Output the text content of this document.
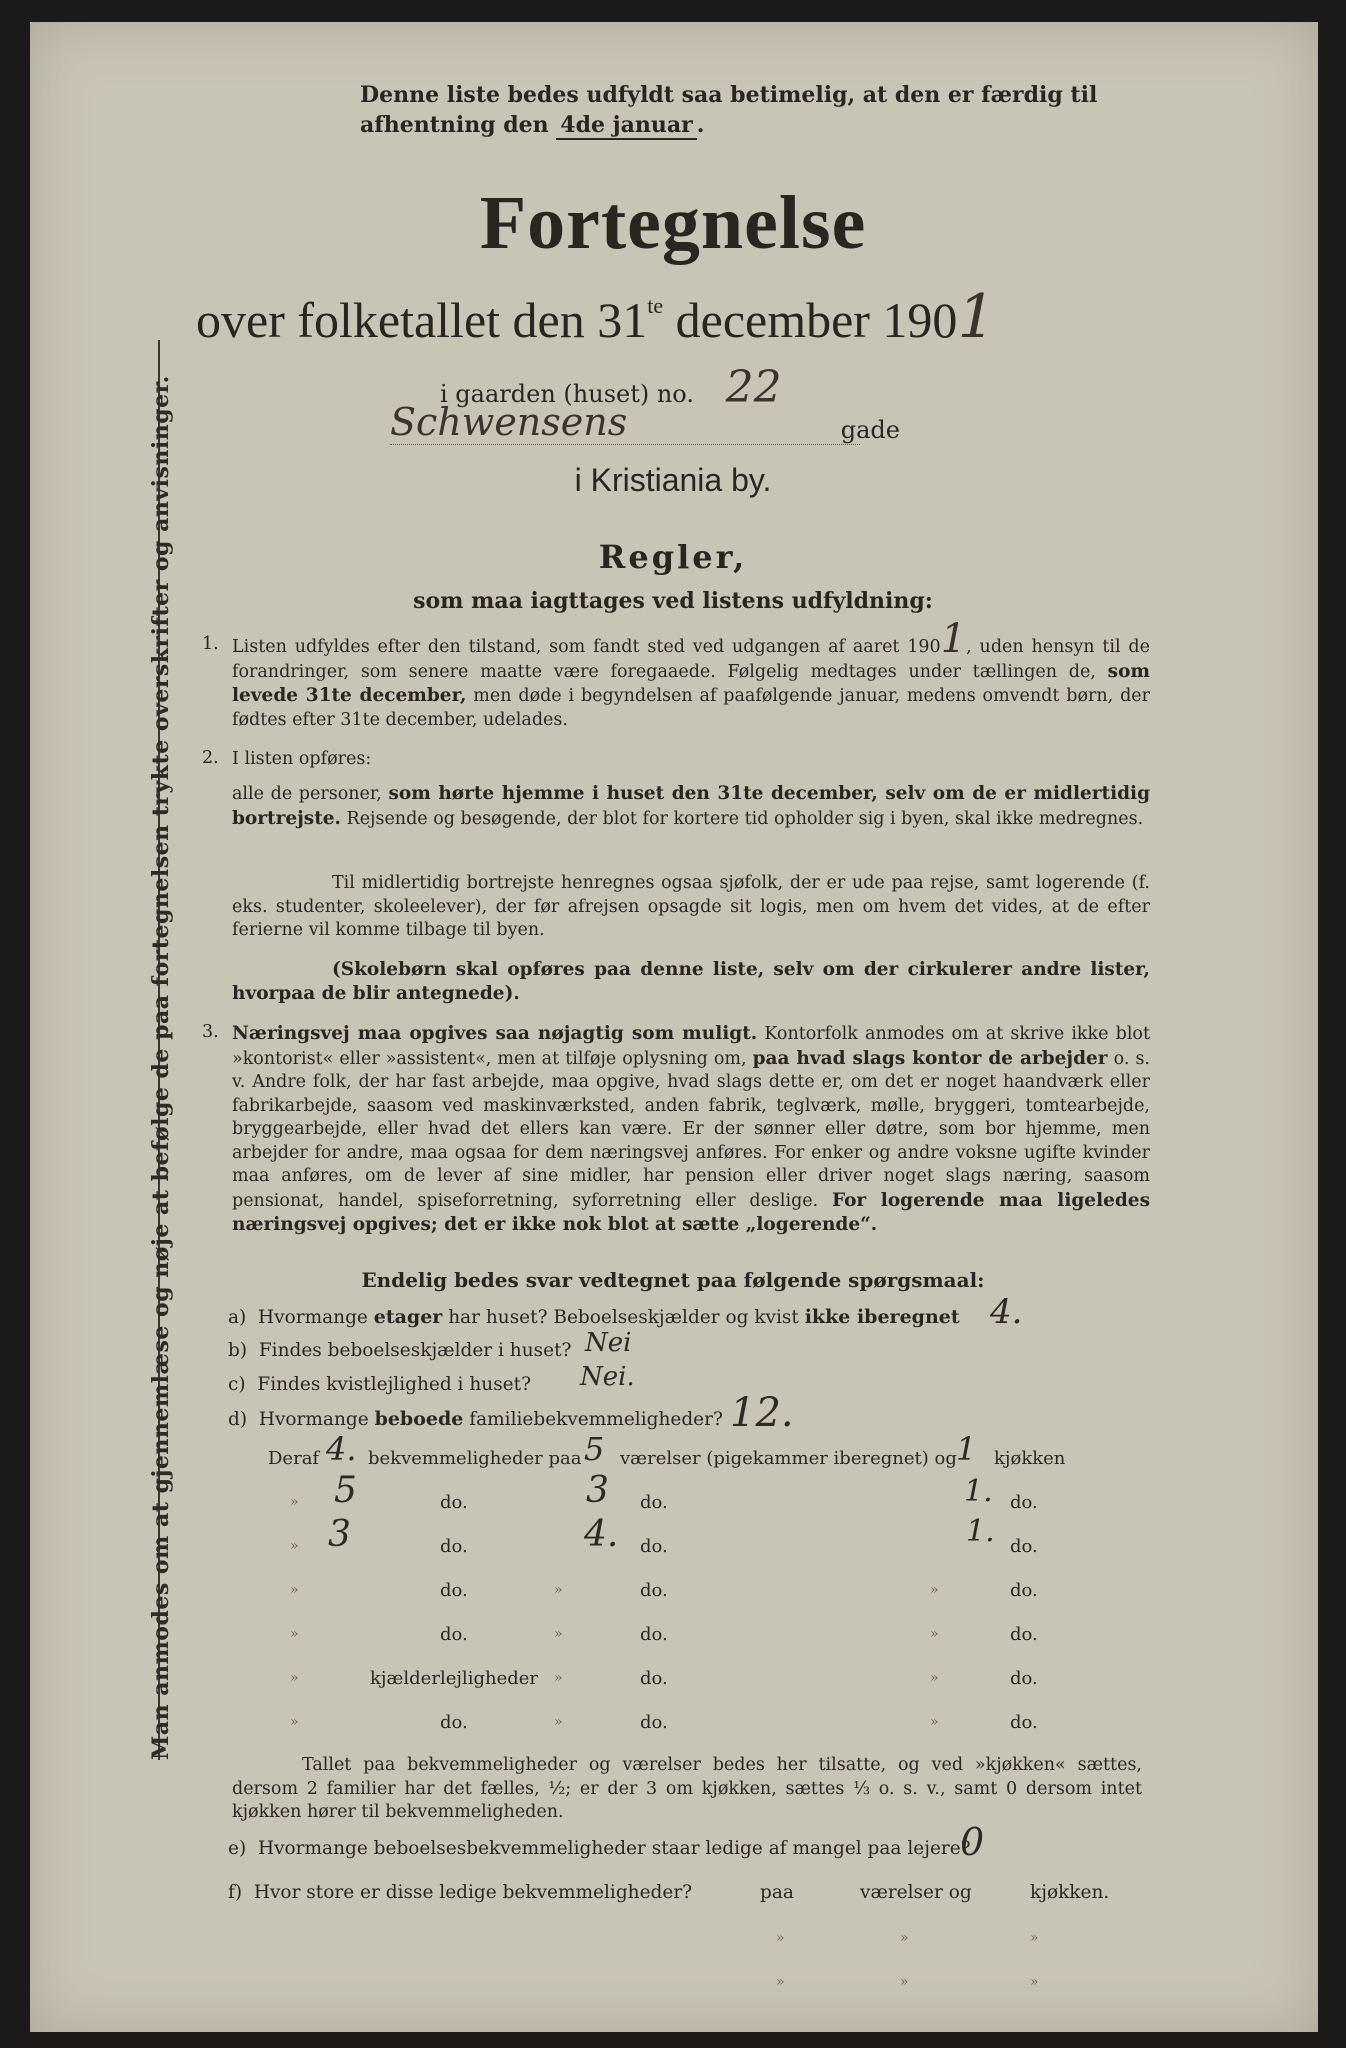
Man anmodes om at gjennemlæse og nøje at befølge de paa fortegnelsen trykte overskrifter og anvisninger.
Denne liste bedes udfyldt saa betimelig, at den er færdig til
afhentning den 4de januar .
Fortegnelse
over folketallet den $31^{te}$ december 1901
i gaarden (huset) no. 22
Schwensens	gade
i Kristiania by.
Regler,
som maa iagttages ved listens udfyldning:
1. Listen udfyldes efter den tilstand, som fandt sted ved udgangen af aaret 1901, uden hensyn til de forandringer, som senere maatte være foregaaede. Følgelig medtages under tællingen de, som levede 31te december, men døde i begyndelsen af paafølgende januar, medens omvendt børn, der fødtes efter 31te december, udelades.
2. I listen opføres:
alle de personer, som hørte hjemme i huset den 31te december, selv om de er midlertidig bortrejste. Rejsende og besøgende, der blot for kortere tid opholder sig i byen, skal ikke medregnes.
Til midlertidig bortrejste henregnes ogsaa sjøfolk, der er ude paa rejse, samt logerende (f. eks. studenter, skoleelever), der før afrejsen opsagde sit logis, men om hvem det vides, at de efter ferierne vil komme tilbage til byen.
(Skolebørn skal opføres paa denne liste, selv om der cirkulerer andre lister, hvorpaa de blir antegnede).
3. Næringsvej maa opgives saa nøjagtig som muligt. Kontorfolk anmodes om at skrive ikke blot »kontorist« eller »assistent«, men at tilføje oplysning om, paa hvad slags kontor de arbejder o. s. v. Andre folk, der har fast arbejde, maa opgive, hvad slags dette er, om det er noget haandværk eller fabrikarbejde, saasom ved maskinværksted, anden fabrik, teglværk, mølle, bryggeri, tomtearbejde, bryggearbejde, eller hvad det ellers kan være. Er der sønner eller døtre, som bor hjemme, men arbejder for andre, maa ogsaa for dem næringsvej anføres. For enker og andre voksne ugifte kvinder maa anføres, om de lever af sine midler, har pension eller driver noget slags næring, saasom pensionat, handel, spiseforretning, syforretning eller deslige. For logerende maa ligeledes næringsvej opgives; det er ikke nok blot at sætte „logerende“.
Endelig bedes svar vedtegnet paa følgende spørgsmaal:
a) Hvormange etager har huset? Beboelseskjælder og kvist ikke iberegnet 4.
b) Findes beboelseskjælder i huset? Nei
c) Findes kvistlejlighed i huset? Nei.
d) Hvormange beboede familiebekvemmeligheder? 12.
Deraf 4. bekvemmeligheder paa 5 værelser (pigekammer iberegnet) og 1 kjøkken
» 5	do.	3 do.	1. do.
» 3	do.	4. do.	1. do.
»	do.	»	do.	»	do.
»	do.	»	do.	»	do.
»	kjælderlejligheder »	do.	»	do.
»	do.	»	do.	»	do.
Tallet paa bekvemmeligheder og værelser bedes her tilsatte, og ved »kjøkken« sættes, dersom 2 familier har det fælles, ½; er der 3 om kjøkken, sættes ⅓ o. s. v., samt 0 dersom intet kjøkken hører til bekvemmeligheden.
e) Hvormange beboelsesbekvemmeligheder staar ledige af mangel paa lejere?
0
f) Hvor store er disse ledige bekvemmeligheder?	paa	værelser og	kjøkken.
»	»	»
»	»	»
